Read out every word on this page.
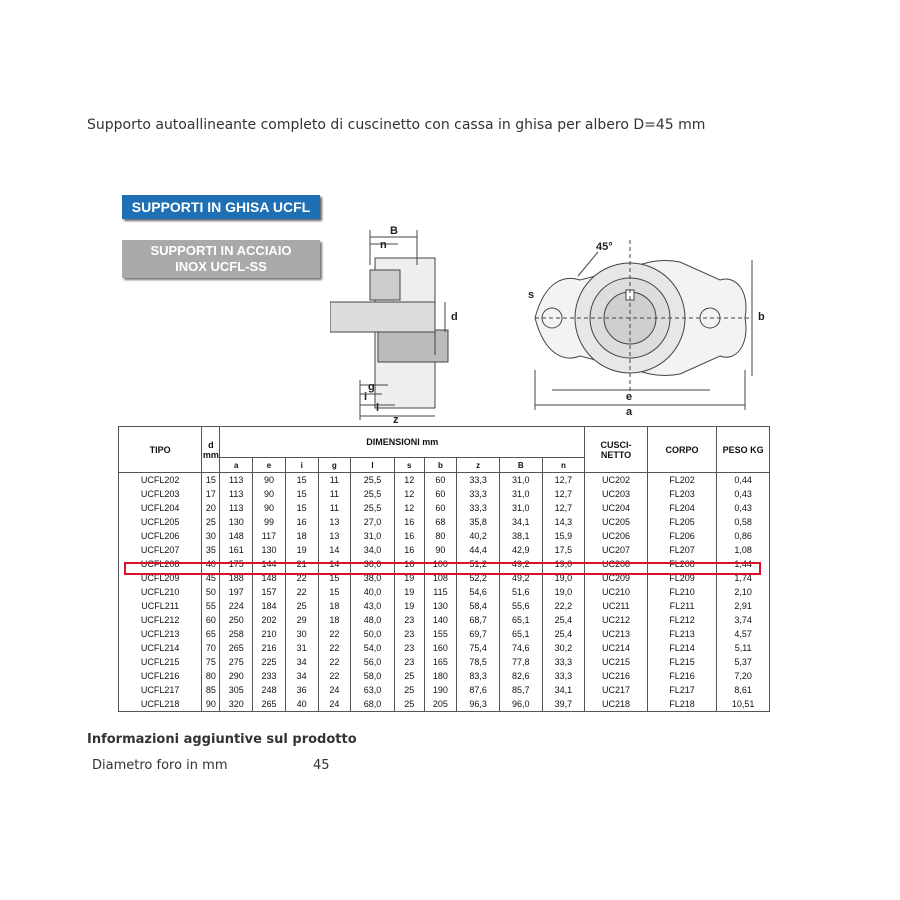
Supporto autoallineante completo di cuscinetto con cassa in ghisa per albero D=45 mm
SUPPORTI IN GHISA UCFL
SUPPORTI IN ACCIAIO
INOX UCFL-SS
B
n
d
g
i
l
z
45°
s
b
e
a
TIPO	d
mm	DIMENSIONI mm										CUSCI-
NETTO	CORPO	PESO KG
		a	e	i	g	l	s	b	z	B	n			
UCFL202	15	113	90	15	11	25,5	12	60	33,3	31,0	12,7	UC202	FL202	0,44
UCFL203	17	113	90	15	11	25,5	12	60	33,3	31,0	12,7	UC203	FL203	0,43
UCFL204	20	113	90	15	11	25,5	12	60	33,3	31,0	12,7	UC204	FL204	0,43
UCFL205	25	130	99	16	13	27,0	16	68	35,8	34,1	14,3	UC205	FL205	0,58
UCFL206	30	148	117	18	13	31,0	16	80	40,2	38,1	15,9	UC206	FL206	0,86
UCFL207	35	161	130	19	14	34,0	16	90	44,4	42,9	17,5	UC207	FL207	1,08
UCFL208	40	175	144	21	14	36,0	16	100	51,2	49,2	19,0	UC208	FL208	1,44
UCFL209	45	188	148	22	15	38,0	19	108	52,2	49,2	19,0	UC209	FL209	1,74
UCFL210	50	197	157	22	15	40,0	19	115	54,6	51,6	19,0	UC210	FL210	2,10
UCFL211	55	224	184	25	18	43,0	19	130	58,4	55,6	22,2	UC211	FL211	2,91
UCFL212	60	250	202	29	18	48,0	23	140	68,7	65,1	25,4	UC212	FL212	3,74
UCFL213	65	258	210	30	22	50,0	23	155	69,7	65,1	25,4	UC213	FL213	4,57
UCFL214	70	265	216	31	22	54,0	23	160	75,4	74,6	30,2	UC214	FL214	5,11
UCFL215	75	275	225	34	22	56,0	23	165	78,5	77,8	33,3	UC215	FL215	5,37
UCFL216	80	290	233	34	22	58,0	25	180	83,3	82,6	33,3	UC216	FL216	7,20
UCFL217	85	305	248	36	24	63,0	25	190	87,6	85,7	34,1	UC217	FL217	8,61
UCFL218	90	320	265	40	24	68,0	25	205	96,3	96,0	39,7	UC218	FL218	10,51
Informazioni aggiuntive sul prodotto
Diametro foro in mm	45
